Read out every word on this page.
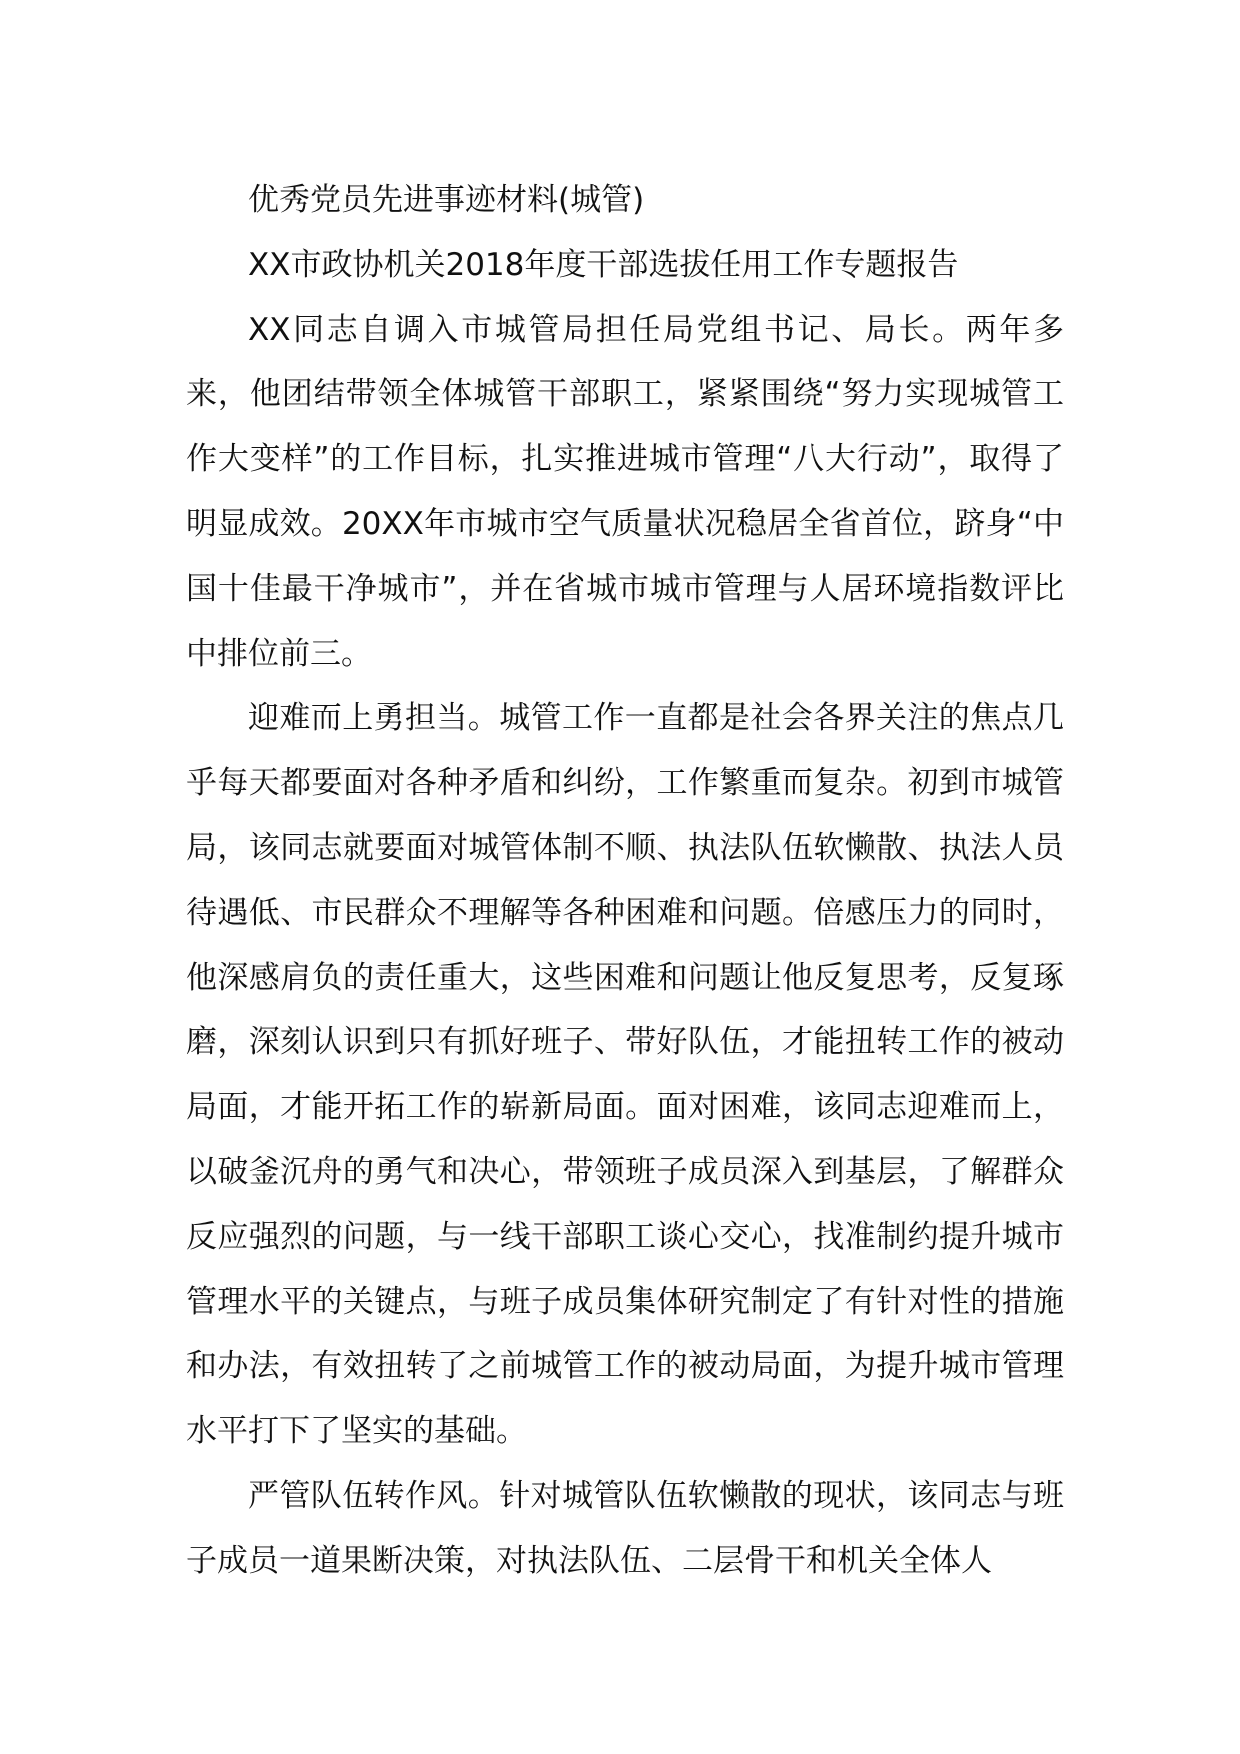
优秀党员先进事迹材料(城管)

XX市政协机关2018年度干部选拔任用工作专题报告

XX同志自调入市城管局担任局党组书记、局长。两年多来，他团结带领全体城管干部职工，紧紧围绕“努力实现城管工作大变样”的工作目标，扎实推进城市管理“八大行动”，取得了明显成效。20XX年市城市空气质量状况稳居全省首位，跻身“中国十佳最干净城市”，并在省城市城市管理与人居环境指数评比中排位前三。

迎难而上勇担当。城管工作一直都是社会各界关注的焦点几乎每天都要面对各种矛盾和纠纷，工作繁重而复杂。初到市城管局，该同志就要面对城管体制不顺、执法队伍软懒散、执法人员待遇低、市民群众不理解等各种困难和问题。倍感压力的同时，他深感肩负的责任重大，这些困难和问题让他反复思考，反复琢磨，深刻认识到只有抓好班子、带好队伍，才能扭转工作的被动局面，才能开拓工作的崭新局面。面对困难，该同志迎难而上，以破釜沉舟的勇气和决心，带领班子成员深入到基层，了解群众反应强烈的问题，与一线干部职工谈心交心，找准制约提升城市管理水平的关键点，与班子成员集体研究制定了有针对性的措施和办法，有效扭转了之前城管工作的被动局面，为提升城市管理水平打下了坚实的基础。

严管队伍转作风。针对城管队伍软懒散的现状，该同志与班子成员一道果断决策，对执法队伍、二层骨干和机关全体人
